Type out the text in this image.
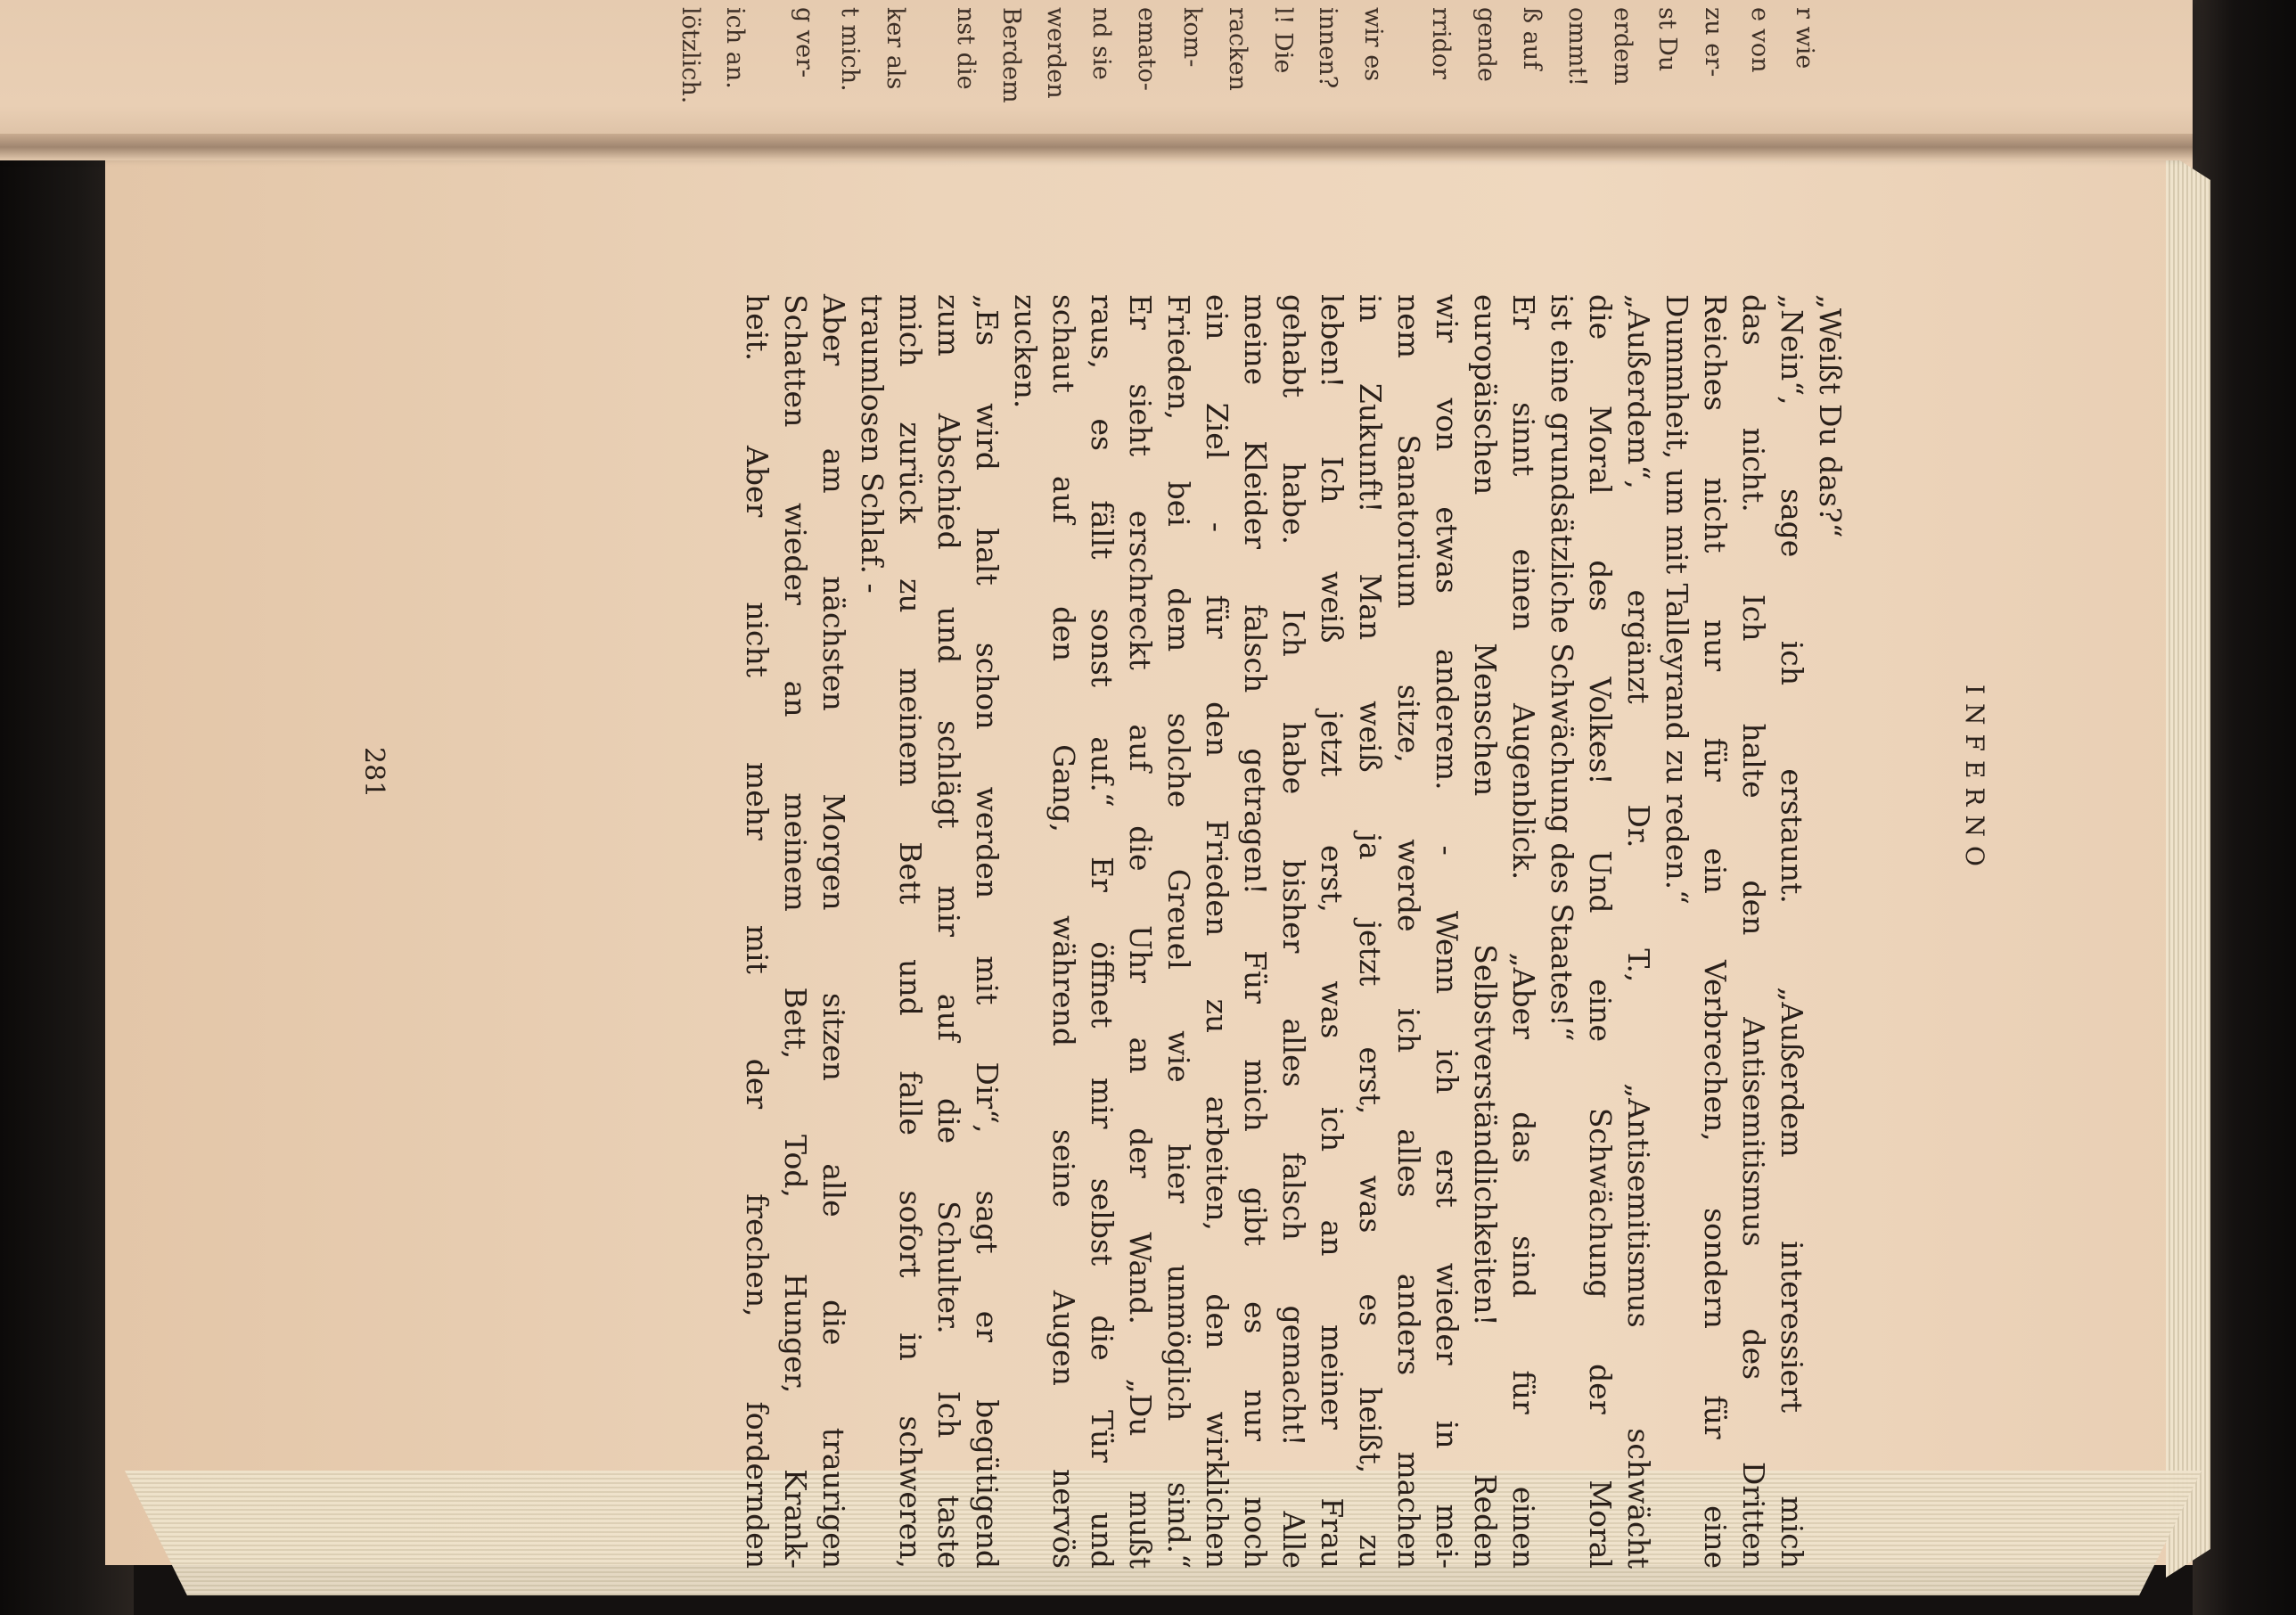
r wie
e von
zu er-
st Du
erdem
ommt!
ß auf
gende
rridor
wir es
innen?
l! Die
racken
kom-
emato-
nd sie
werden
Berdem
nst die
ker als
t mich.
g ver-
ich an.
lötzlich.
INFERNO
„Weißt Du das?“
„Nein“, sage ich erstaunt. „Außerdem interessiert mich
das nicht. Ich halte den Antisemitismus des Dritten
Reiches nicht nur für ein Verbrechen, sondern für eine
Dummheit, um mit Talleyrand zu reden.“
„Außerdem“, ergänzt Dr. T., „Antisemitismus schwächt
die Moral des Volkes! Und eine Schwächung der Moral
ist eine grundsätzliche Schwächung des Staates!“
Er sinnt einen Augenblick. „Aber das sind für einen
europäischen Menschen Selbstverständlichkeiten! Reden
wir von etwas anderem. - Wenn ich erst wieder in mei-
nem Sanatorium sitze, werde ich alles anders machen
in Zukunft! Man weiß ja jetzt erst, was es heißt, zu
leben! Ich weiß jetzt erst, was ich an meiner Frau
gehabt habe. Ich habe bisher alles falsch gemacht! Alle
meine Kleider falsch getragen! Für mich gibt es nur noch
ein Ziel - für den Frieden zu arbeiten, den wirklichen
Frieden, bei dem solche Greuel wie hier unmöglich sind.“
Er sieht erschreckt auf die Uhr an der Wand. „Du mußt
raus, es fällt sonst auf.“ Er öffnet mir selbst die Tür und
schaut auf den Gang, während seine Augen nervös
zucken.
„Es wird halt schon werden mit Dir“, sagt er begütigend
zum Abschied und schlägt mir auf die Schulter. Ich taste
mich zurück zu meinem Bett und falle sofort in schweren,
traumlosen Schlaf. -
Aber am nächsten Morgen sitzen alle die traurigen
Schatten wieder an meinem Bett, Tod, Hunger, Krank-
heit. Aber nicht mehr mit der frechen, fordernden
281
